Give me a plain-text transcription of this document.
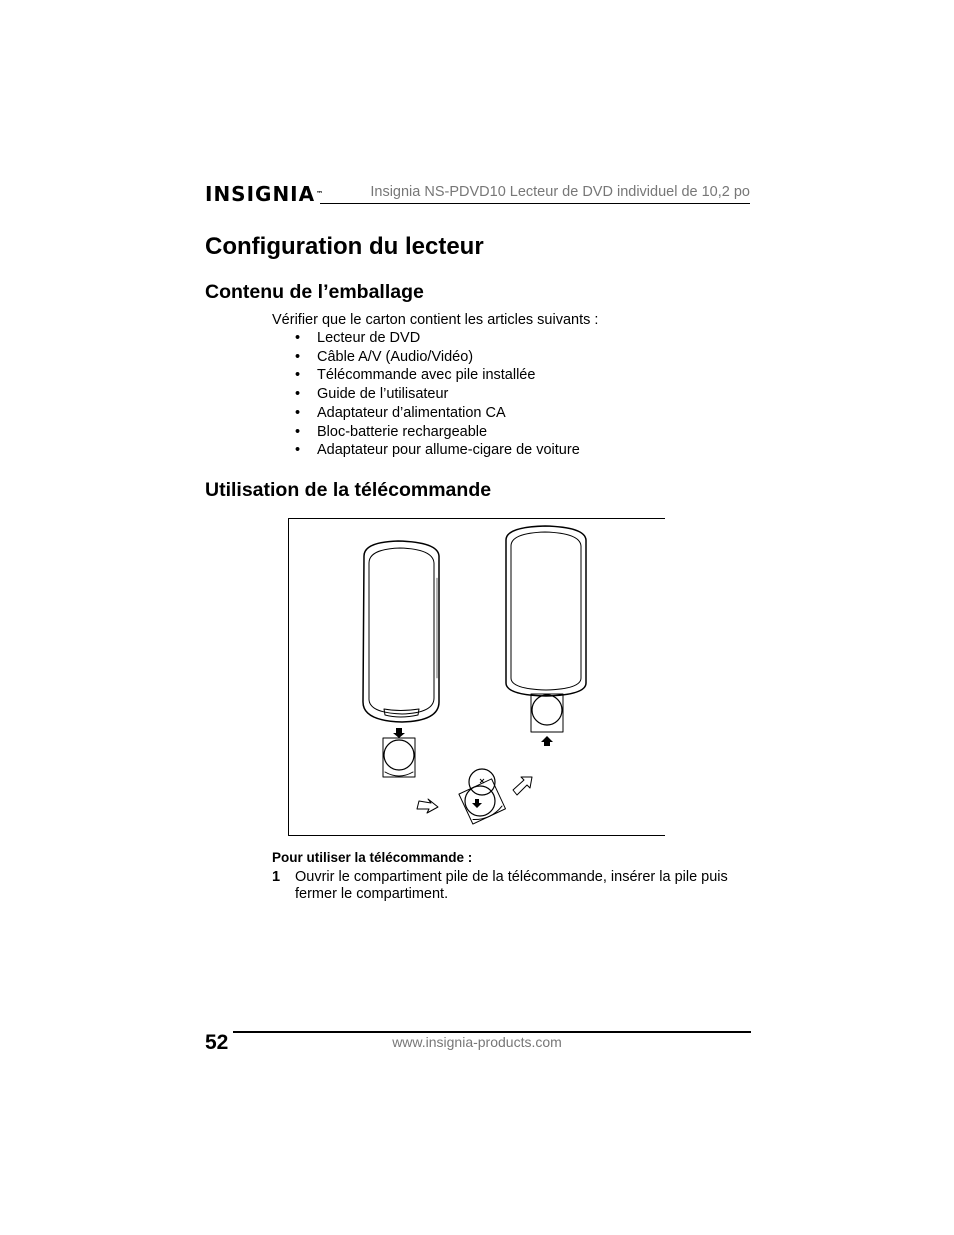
INSIGNIA™	Insignia NS-PDVD10 Lecteur de DVD individuel de 10,2 po
Configuration du lecteur
Contenu de l’emballage
Vérifier que le carton contient les articles suivants :
• Lecteur de DVD
• Câble A/V (Audio/Vidéo)
• Télécommande avec pile installée
• Guide de l’utilisateur
• Adaptateur d’alimentation CA
• Bloc-batterie rechargeable
• Adaptateur pour allume-cigare de voiture
Utilisation de la télécommande
Pour utiliser la télécommande :
1 Ouvrir le compartiment pile de la télécommande, insérer la pile puis fermer le compartiment.
52	www.insignia-products.com
